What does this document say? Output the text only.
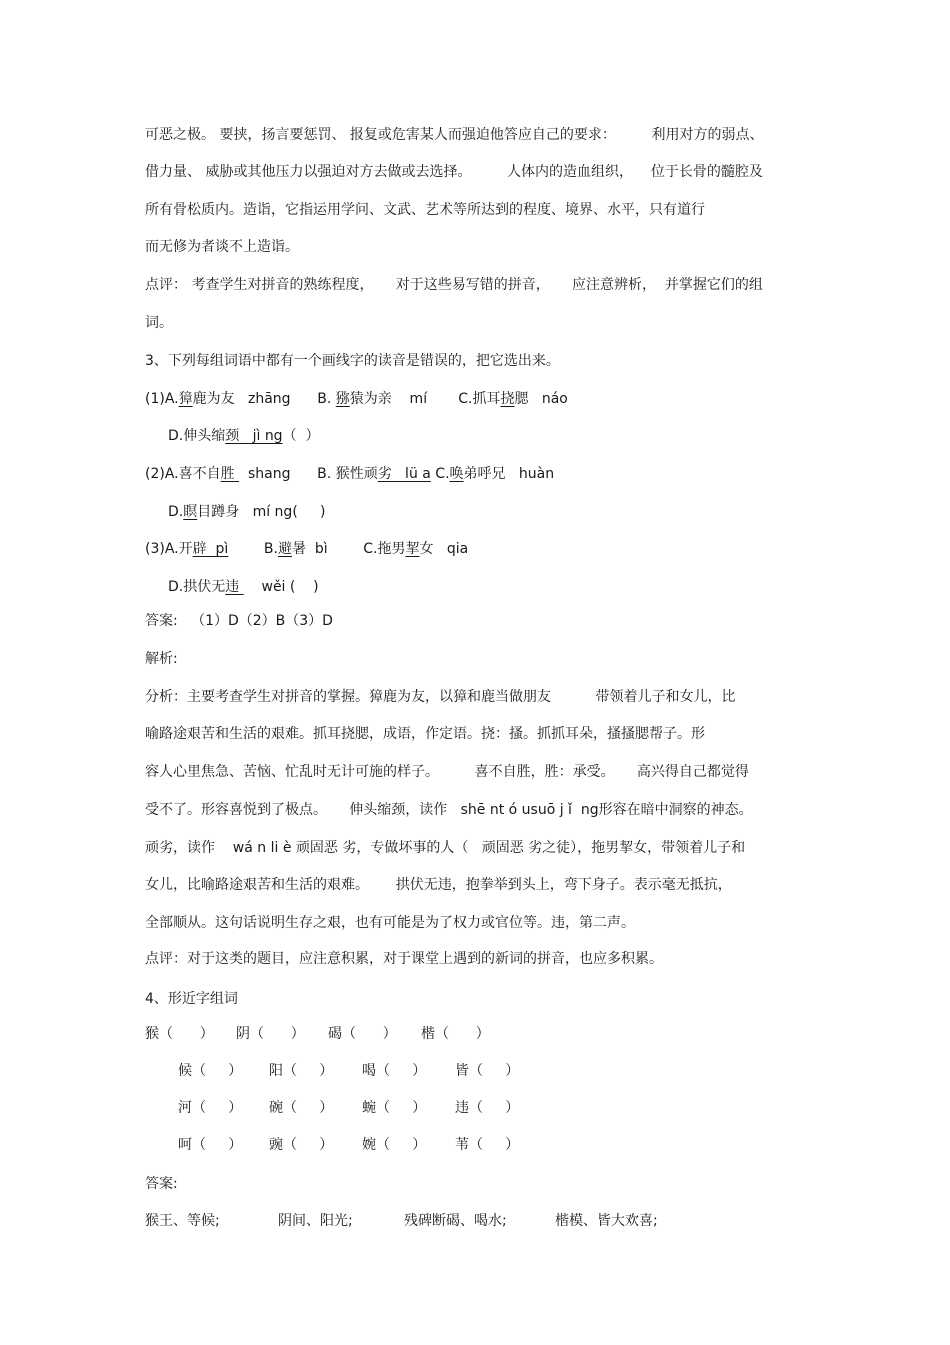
可恶之极。 要挟，扬言要惩罚、 报复或危害某人而强迫他答应自己的要求：        利用对方的弱点、
借力量、 威胁或其他压力以强迫对方去做或去选择。        人体内的造血组织，    位于长骨的髓腔及
所有骨松质内。造诣，它指运用学问、文武、艺术等所达到的程度、境界、水平，只有道行
而无修为者谈不上造诣。
点评： 考查学生对拼音的熟练程度，     对于这些易写错的拼音，     应注意辨析，  并掌握它们的组
词。
3、下列每组词语中都有一个画线字的读音是错误的，把它选出来。
(1)A.獐鹿为友   zhāng      B. 猕猿为亲    mí       C.抓耳挠腮   náo
D.伸头缩颈   jì ng（  ）
(2)A.喜不自胜   shang      B. 猴性顽劣   lü a C.唤弟呼兄   huàn
D.瞑目蹲身   mí ng(     )
(3)A.开辟  pì        B.避暑  bì        C.拖男挈女   qia
D.拱伏无违     wěi (    )
答案:   （1）D（2）B（3）D
解析:
分析：主要考查学生对拼音的掌握。獐鹿为友，以獐和鹿当做朋友          带领着儿子和女儿，比
喻路途艰苦和生活的艰难。抓耳挠腮，成语，作定语。挠：搔。抓抓耳朵，搔搔腮帮子。形
容人心里焦急、苦恼、忙乱时无计可施的样子。        喜不自胜，胜：承受。     高兴得自己都觉得
受不了。形容喜悦到了极点。     伸头缩颈，读作   shē nt ó usuō j ǐ  ng形容在暗中洞察的神态。
顽劣，读作    wá n li è 顽固恶 劣，专做坏事的人（   顽固恶 劣之徒），拖男挈女，带领着儿子和
女儿，比喻路途艰苦和生活的艰难。      拱伏无违，抱拳举到头上，弯下身子。表示毫无抵抗，
全部顺从。这句话说明生存之艰，也有可能是为了权力或官位等。违，第二声。
点评：对于这类的题目，应注意积累，对于课堂上遇到的新词的拼音，也应多积累。
4、形近字组词
猴（      ） 阴（      ） 碣（      ） 楷（      ）
候（     ） 阳（     ） 喝（     ） 皆（     ）
河（     ） 碗（     ） 蜿（     ） 违（     ）
呵（     ） 豌（     ） 婉（     ） 苇（     ）
答案:
猴王、等候;	阴间、阳光;	残碑断碣、喝水;	楷模、皆大欢喜;
